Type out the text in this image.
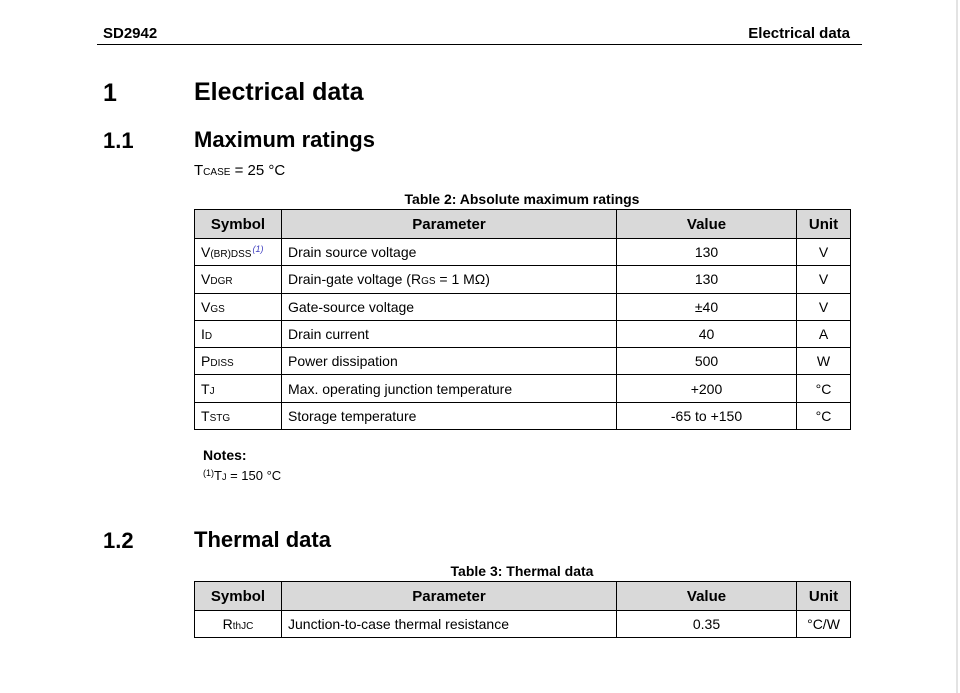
SD2942	Electrical data
1	Electrical data
1.1	Maximum ratings
TCASE = 25 °C
Table 2: Absolute maximum ratings
Symbol	Parameter	Value	Unit
V(BR)DSS$^{(1)}$	Drain source voltage	130	V
VDGR	Drain-gate voltage (RGS = 1 MΩ)	130	V
VGS	Gate-source voltage	±40	V
ID	Drain current	40	A
PDISS	Power dissipation	500	W
TJ	Max. operating junction temperature	+200	°C
TSTG	Storage temperature	-65 to +150	°C
Notes:
$^{(1)}$TJ = 150 °C
1.2	Thermal data
Table 3: Thermal data
Symbol	Parameter	Value	Unit
RthJC	Junction-to-case thermal resistance	0.35	°C/W
